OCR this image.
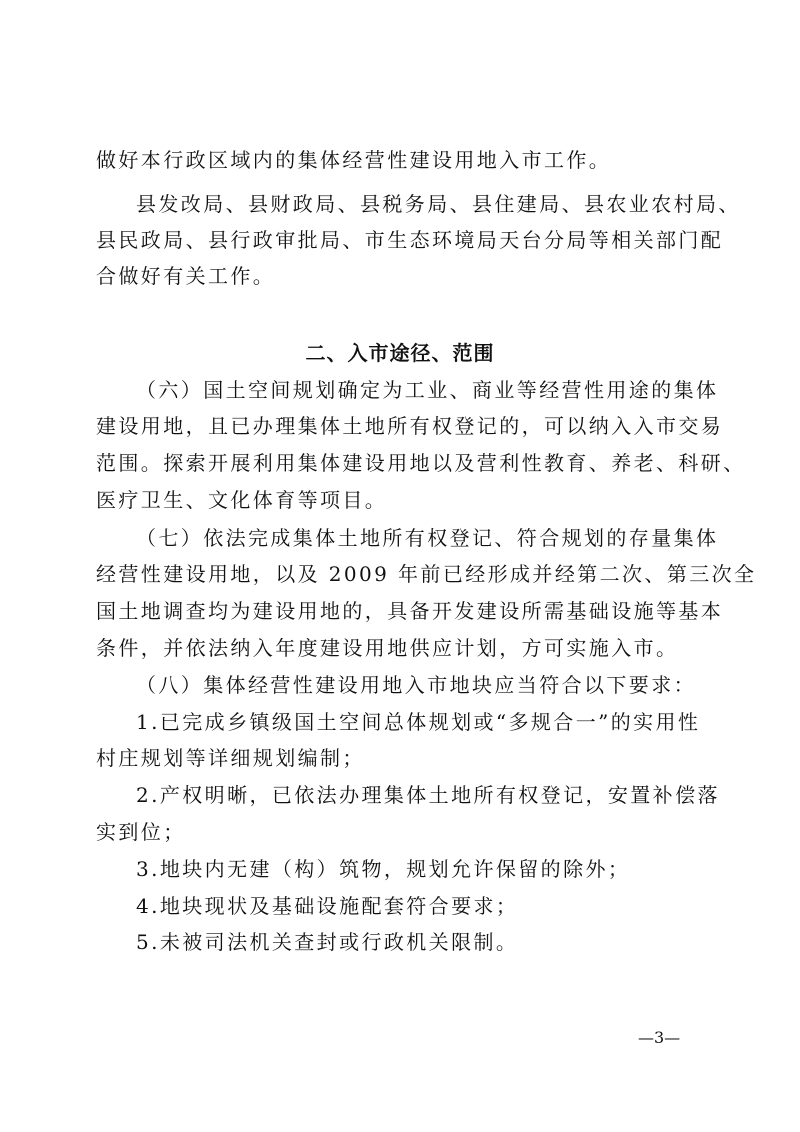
做好本行政区域内的集体经营性建设用地入市工作。
县发改局、县财政局、县税务局、县住建局、县农业农村局、
县民政局、县行政审批局、市生态环境局天台分局等相关部门配
合做好有关工作。
二、入市途径、范围
（六）国土空间规划确定为工业、商业等经营性用途的集体
建设用地，且已办理集体土地所有权登记的，可以纳入入市交易
范围。探索开展利用集体建设用地以及营利性教育、养老、科研、
医疗卫生、文化体育等项目。
（七）依法完成集体土地所有权登记、符合规划的存量集体
经营性建设用地，以及 2009 年前已经形成并经第二次、第三次全
国土地调查均为建设用地的，具备开发建设所需基础设施等基本
条件，并依法纳入年度建设用地供应计划，方可实施入市。
（八）集体经营性建设用地入市地块应当符合以下要求：
1.已完成乡镇级国土空间总体规划或“多规合一”的实用性
村庄规划等详细规划编制；
2.产权明晰，已依法办理集体土地所有权登记，安置补偿落
实到位；
3.地块内无建（构）筑物，规划允许保留的除外；
4.地块现状及基础设施配套符合要求；
5.未被司法机关查封或行政机关限制。
—3—
